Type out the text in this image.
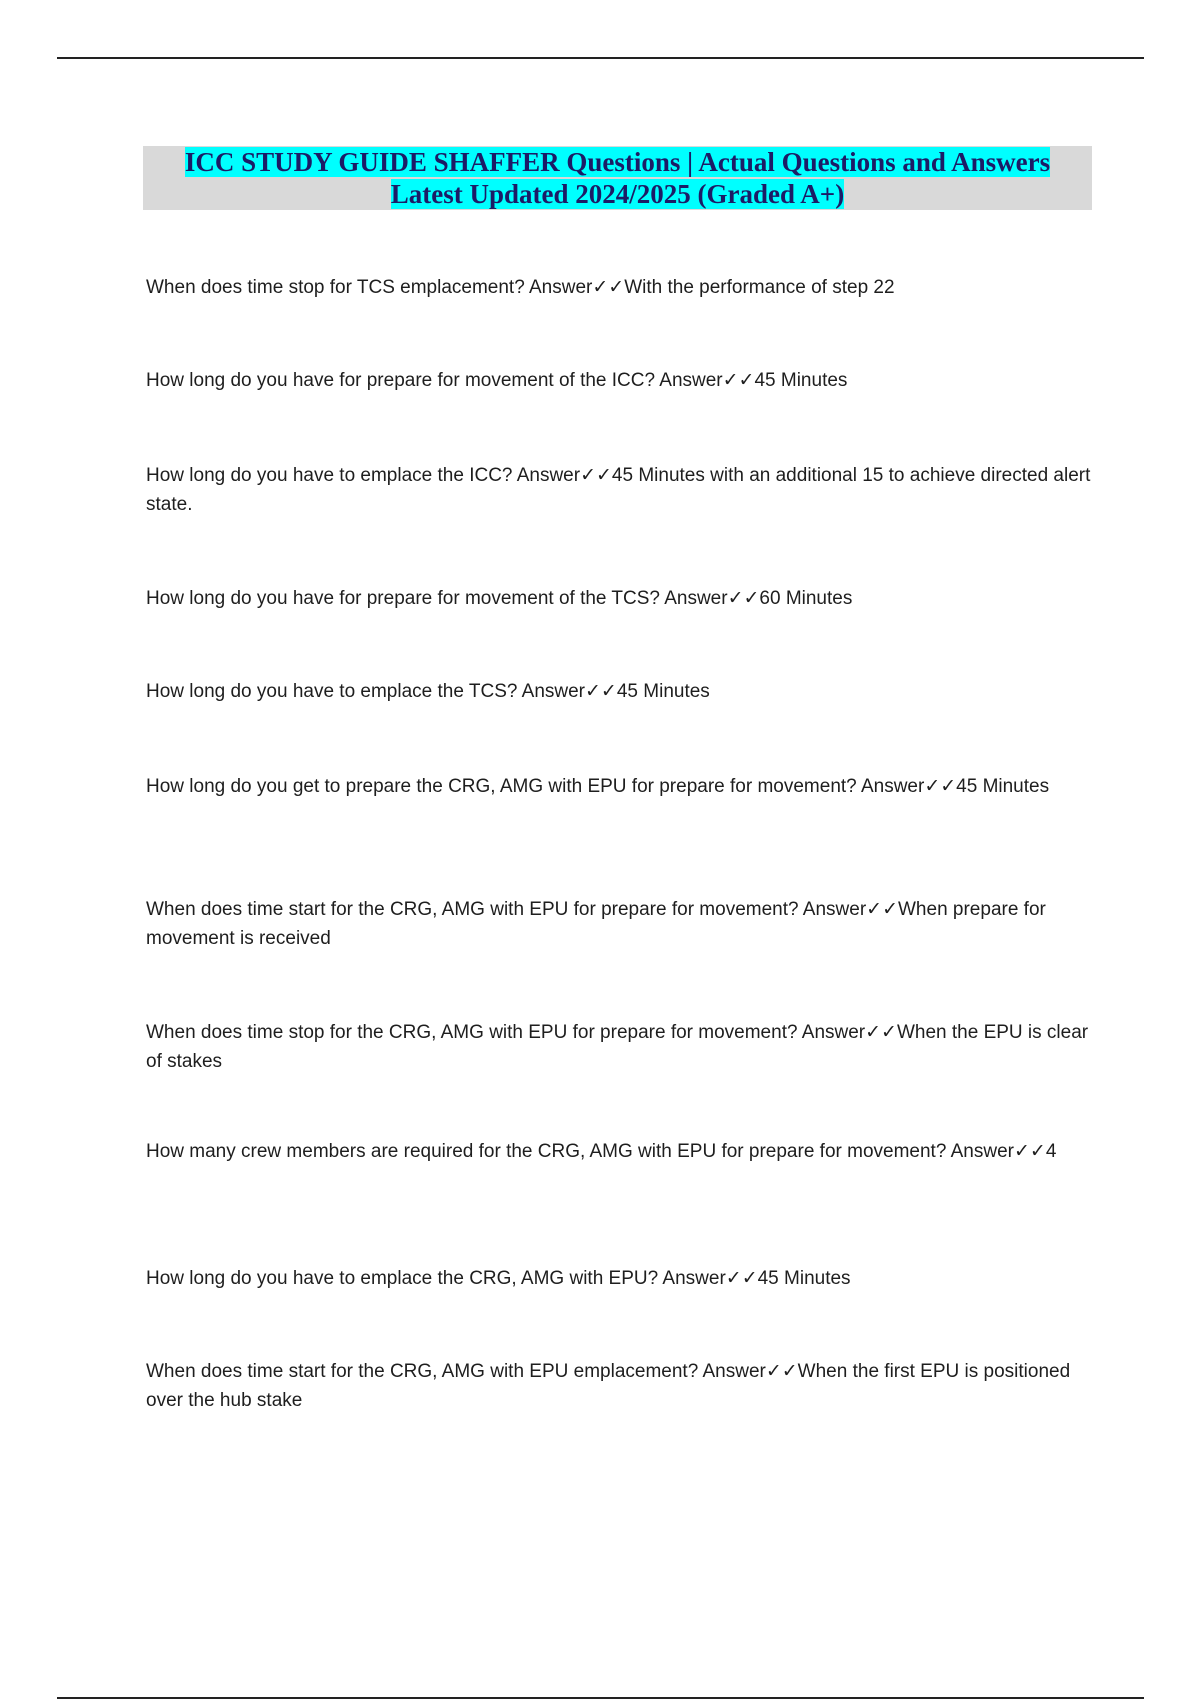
ICC STUDY GUIDE SHAFFER Questions | Actual Questions and Answers
Latest Updated 2024/2025 (Graded A+)
When does time stop for TCS emplacement? Answer✓✓With the performance of step 22
How long do you have for prepare for movement of the ICC? Answer✓✓45 Minutes
How long do you have to emplace the ICC? Answer✓✓45 Minutes with an additional 15 to achieve directed alert state.
How long do you have for prepare for movement of the TCS? Answer✓✓60 Minutes
How long do you have to emplace the TCS? Answer✓✓45 Minutes
How long do you get to prepare the CRG, AMG with EPU for prepare for movement? Answer✓✓45 Minutes
When does time start for the CRG, AMG with EPU for prepare for movement? Answer✓✓When prepare for movement is received
When does time stop for the CRG, AMG with EPU for prepare for movement? Answer✓✓When the EPU is clear of stakes
How many crew members are required for the CRG, AMG with EPU for prepare for movement? Answer✓✓4
How long do you have to emplace the CRG, AMG with EPU? Answer✓✓45 Minutes
When does time start for the CRG, AMG with EPU emplacement? Answer✓✓When the first EPU is positioned over the hub stake
